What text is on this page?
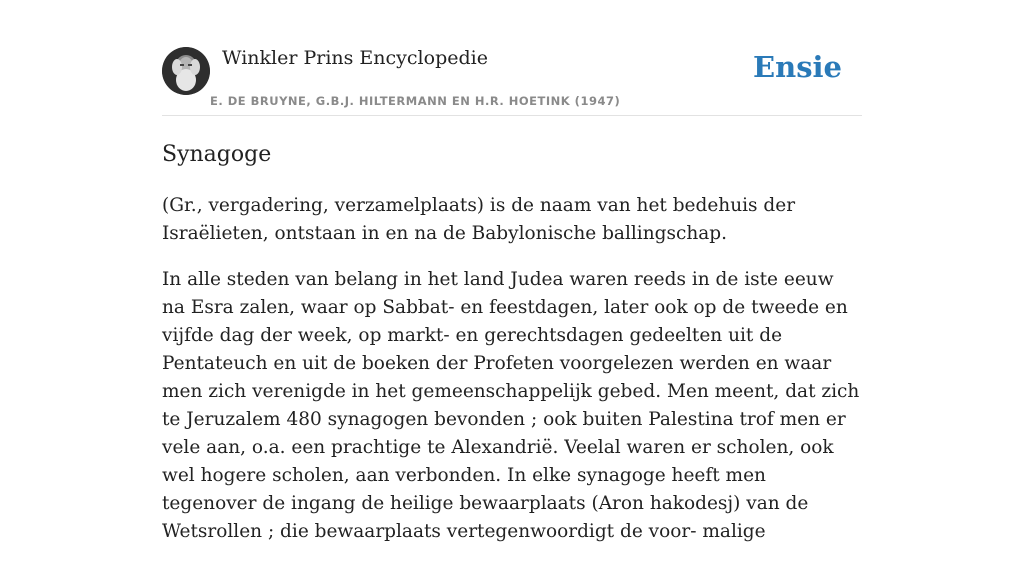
Winkler Prins Encyclopedie
E. DE BRUYNE, G.B.J. HILTERMANN EN H.R. HOETINK (1947)
Ensie
Synagoge

(Gr., vergadering, verzamelplaats) is de naam van het bedehuis der Israëlieten, ontstaan in en na de Babylonische ballingschap.

In alle steden van belang in het land Judea waren reeds in de iste eeuw na Esra zalen, waar op Sabbat- en feestdagen, later ook op de tweede en vijfde dag der week, op markt- en gerechtsdagen gedeelten uit de Pentateuch en uit de boeken der Profeten voorgelezen werden en waar men zich verenigde in het gemeenschappelijk gebed. Men meent, dat zich te Jeruzalem 480 synagogen bevonden ; ook buiten Palestina trof men er vele aan, o.a. een prachtige te Alexandrië. Veelal waren er scholen, ook wel hogere scholen, aan verbonden. In elke synagoge heeft men tegenover de ingang de heilige bewaarplaats (Aron hakodesj) van de Wetsrollen ; die bewaarplaats vertegenwoordigt de voor- malige
